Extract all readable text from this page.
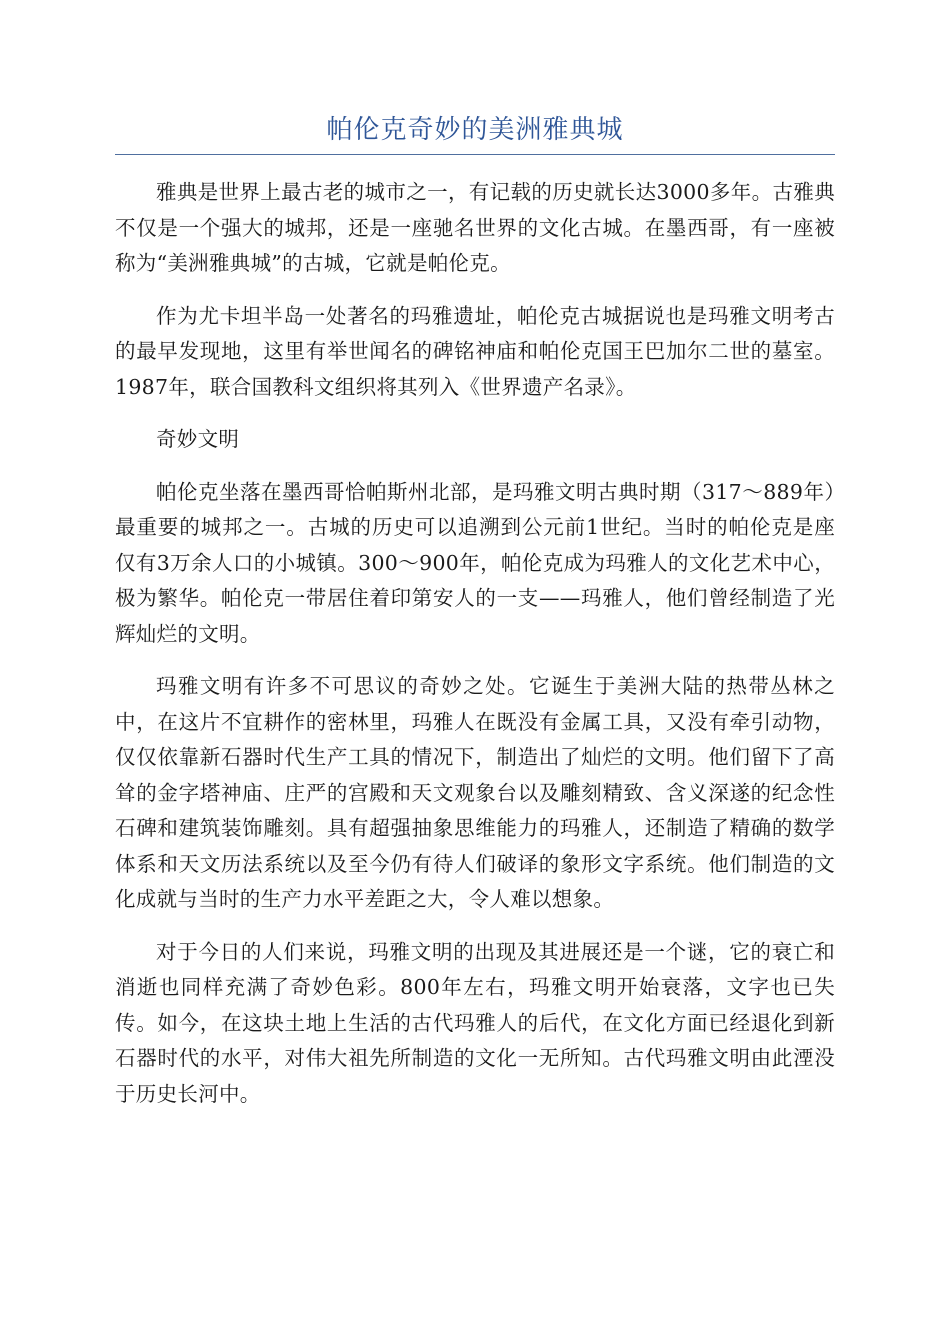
帕伦克奇妙的美洲雅典城

雅典是世界上最古老的城市之一，有记载的历史就长达3000多年。古雅典不仅是一个强大的城邦，还是一座驰名世界的文化古城。在墨西哥，有一座被称为“美洲雅典城”的古城，它就是帕伦克。

作为尤卡坦半岛一处著名的玛雅遗址，帕伦克古城据说也是玛雅文明考古的最早发现地，这里有举世闻名的碑铭神庙和帕伦克国王巴加尔二世的墓室。1987年，联合国教科文组织将其列入《世界遗产名录》。

奇妙文明

帕伦克坐落在墨西哥恰帕斯州北部，是玛雅文明古典时期（317～889年）最重要的城邦之一。古城的历史可以追溯到公元前1世纪。当时的帕伦克是座仅有3万余人口的小城镇。300～900年，帕伦克成为玛雅人的文化艺术中心，极为繁华。帕伦克一带居住着印第安人的一支——玛雅人，他们曾经制造了光辉灿烂的文明。

玛雅文明有许多不可思议的奇妙之处。它诞生于美洲大陆的热带丛林之中，在这片不宜耕作的密林里，玛雅人在既没有金属工具，又没有牵引动物，仅仅依靠新石器时代生产工具的情况下，制造出了灿烂的文明。他们留下了高耸的金字塔神庙、庄严的宫殿和天文观象台以及雕刻精致、含义深遂的纪念性石碑和建筑装饰雕刻。具有超强抽象思维能力的玛雅人，还制造了精确的数学体系和天文历法系统以及至今仍有待人们破译的象形文字系统。他们制造的文化成就与当时的生产力水平差距之大，令人难以想象。

对于今日的人们来说，玛雅文明的出现及其进展还是一个谜，它的衰亡和消逝也同样充满了奇妙色彩。800年左右，玛雅文明开始衰落，文字也已失传。如今，在这块土地上生活的古代玛雅人的后代，在文化方面已经退化到新石器时代的水平，对伟大祖先所制造的文化一无所知。古代玛雅文明由此湮没于历史长河中。
